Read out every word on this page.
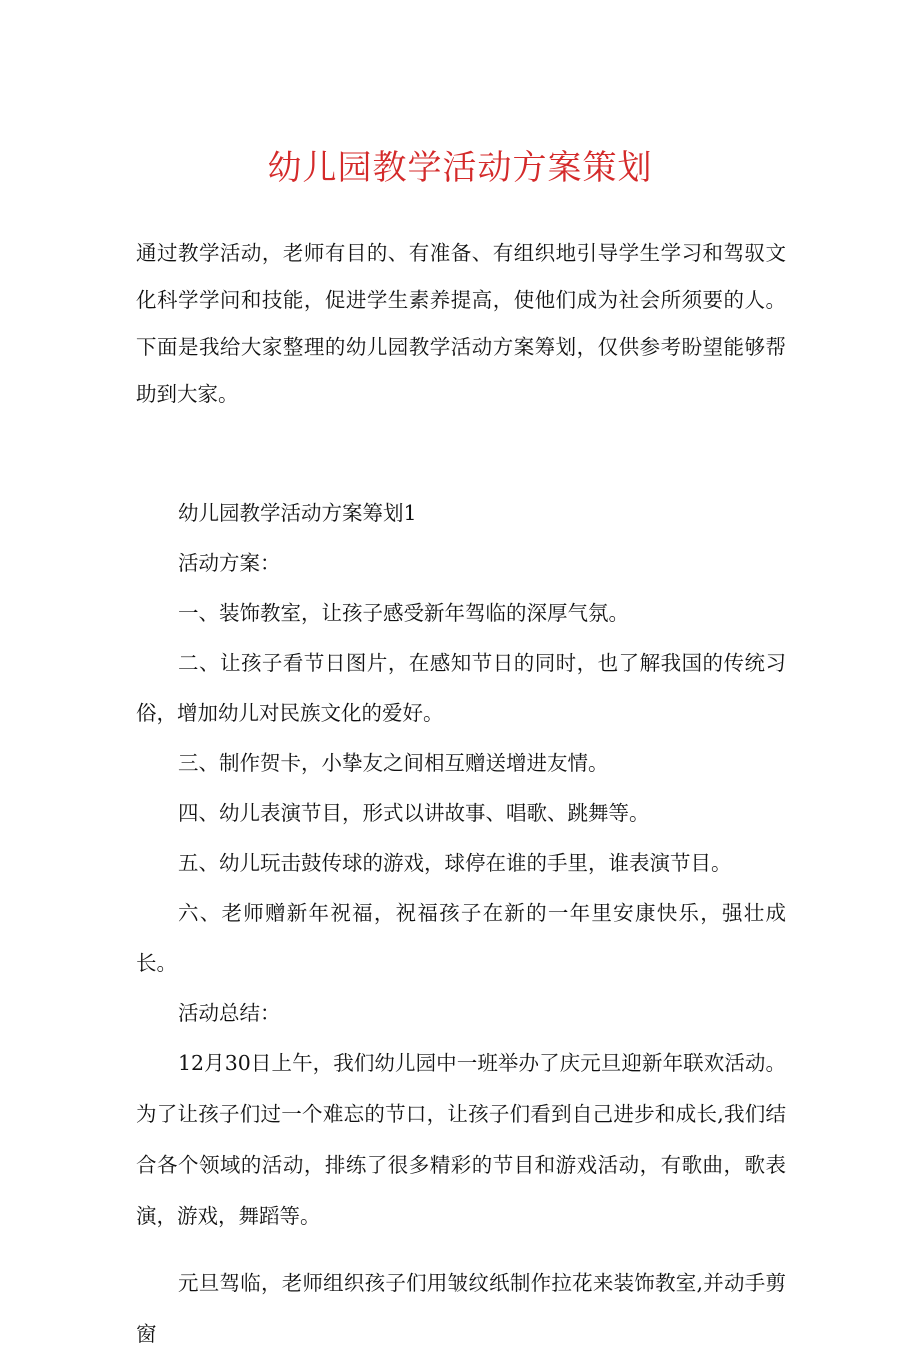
幼儿园教学活动方案策划

通过教学活动，老师有目的、有准备、有组织地引导学生学习和驾驭文化科学学问和技能，促进学生素养提高，使他们成为社会所须要的人。下面是我给大家整理的幼儿园教学活动方案筹划，仅供参考盼望能够帮助到大家。

幼儿园教学活动方案筹划1

活动方案：

一、装饰教室，让孩子感受新年驾临的深厚气氛。

二、让孩子看节日图片，在感知节日的同时，也了解我国的传统习俗，增加幼儿对民族文化的爱好。

三、制作贺卡，小挚友之间相互赠送增进友情。

四、幼儿表演节目，形式以讲故事、唱歌、跳舞等。

五、幼儿玩击鼓传球的游戏，球停在谁的手里，谁表演节目。

六、老师赠新年祝福，祝福孩子在新的一年里安康快乐，强壮成长。

活动总结：

12月30日上午，我们幼儿园中一班举办了庆元旦迎新年联欢活动。为了让孩子们过一个难忘的节口，让孩子们看到自己进步和成长,我们结合各个领域的活动，排练了很多精彩的节目和游戏活动，有歌曲，歌表演，游戏，舞蹈等。

元旦驾临，老师组织孩子们用皱纹纸制作拉花来装饰教室,并动手剪窗
